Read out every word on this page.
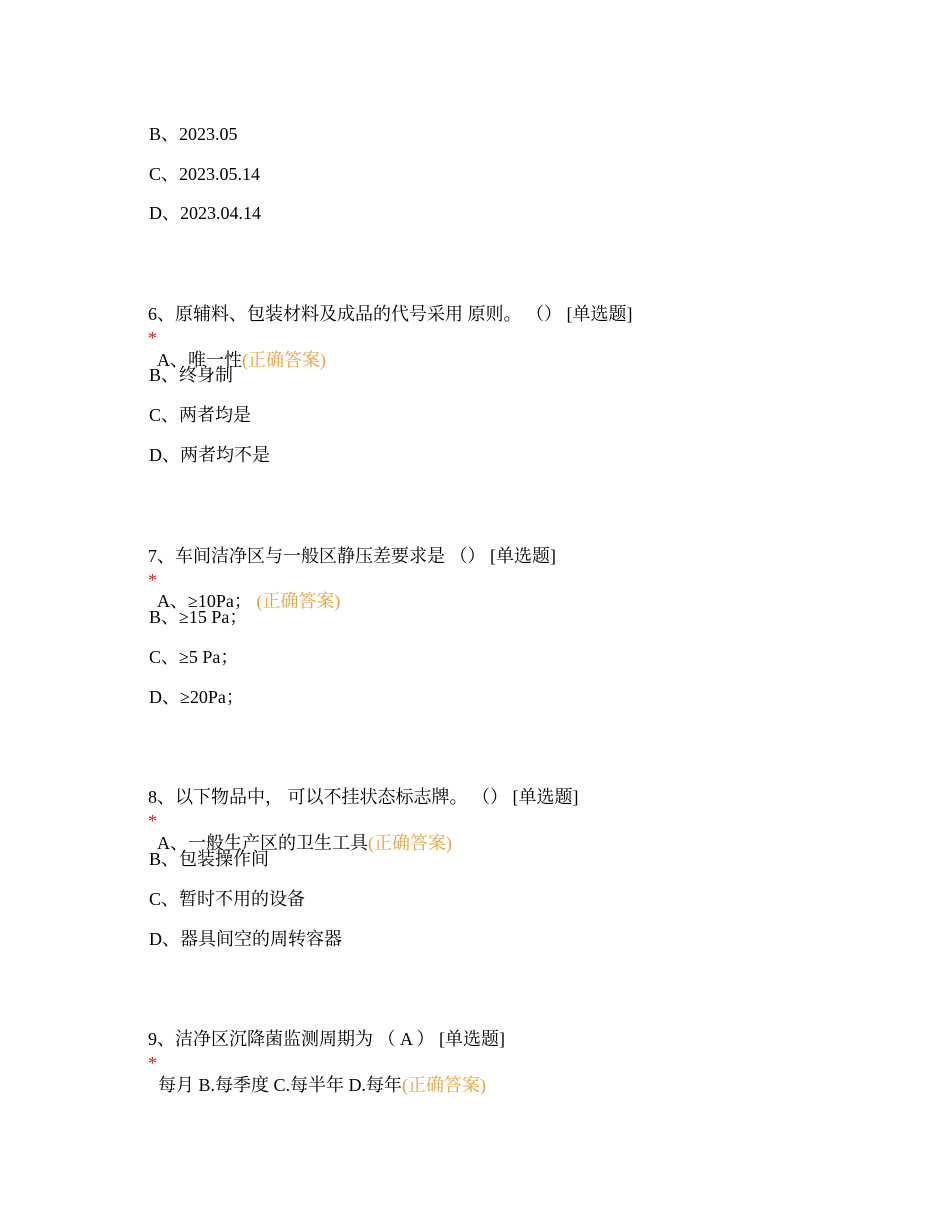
B、2023.05
C、2023.05.14
D、2023.04.14

6、原辅料、包装材料及成品的代号采用 原则。 （） [单选题]
*

A、唯一性(正确答案)

B、终身制
C、两者均是
D、两者均不是

7、车间洁净区与一般区静压差要求是 （） [单选题]
*

A、≥10Pa； (正确答案)

B、≥15 Pa；
C、≥5 Pa；
D、≥20Pa；

8、以下物品中， 可以不挂状态标志牌。 （） [单选题]
*

A、一般生产区的卫生工具(正确答案)

B、包装操作间
C、暂时不用的设备
D、器具间空的周转容器

9、洁净区沉降菌监测周期为 （ A ） [单选题]
*

每月 B.每季度 C.每半年 D.每年(正确答案)
